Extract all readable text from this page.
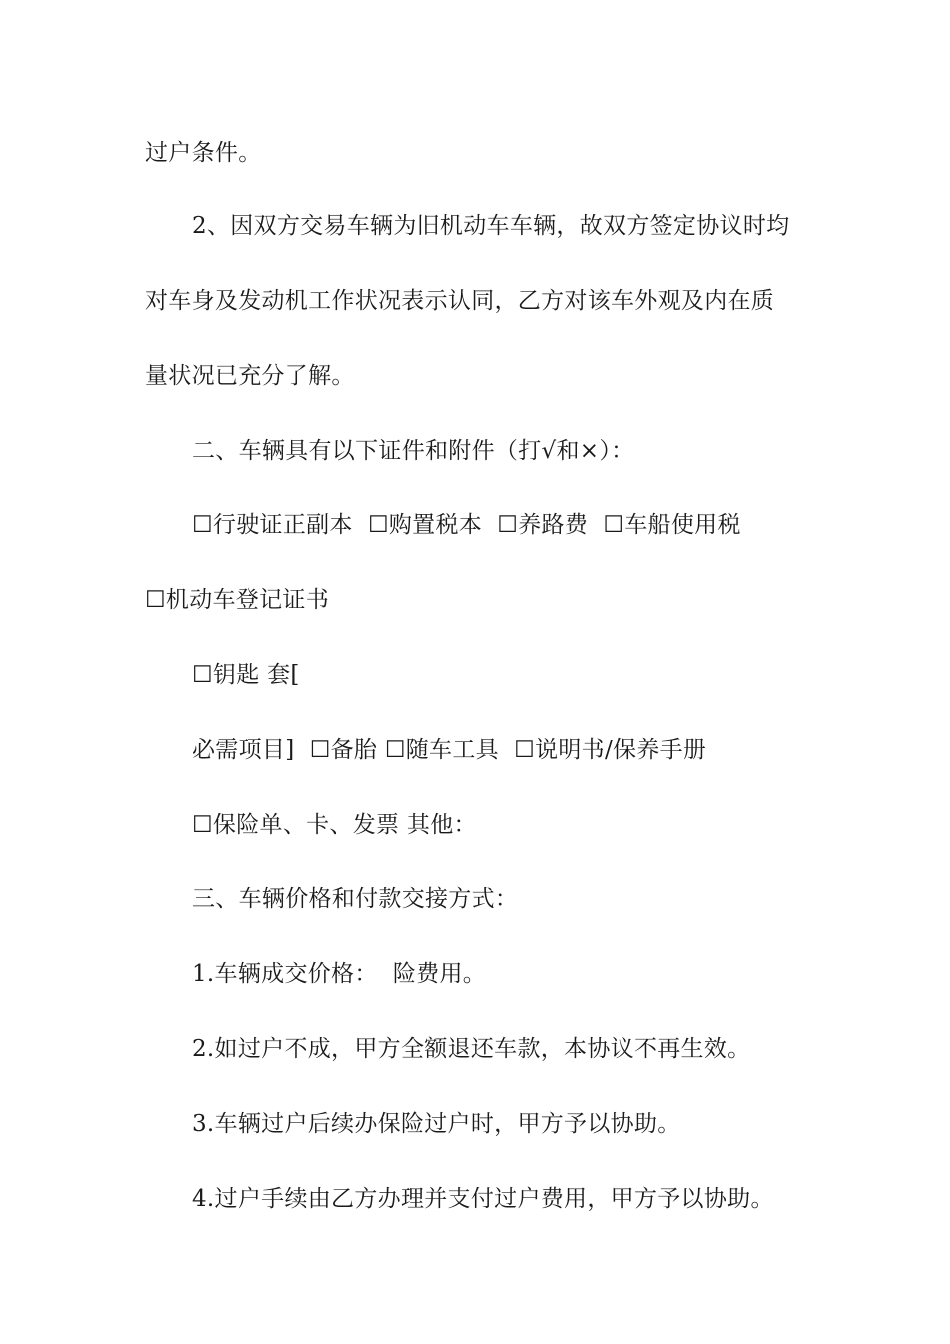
过户条件。
2、因双方交易车辆为旧机动车车辆，故双方签定协议时均
对车身及发动机工作状况表示认同，乙方对该车外观及内在质
量状况已充分了解。
二、车辆具有以下证件和附件（打√和×）：
☐行驶证正副本  ☐购置税本  ☐养路费  ☐车船使用税
☐机动车登记证书
☐钥匙 套[
必需项目]  ☐备胎 ☐随车工具  ☐说明书/保养手册
☐保险单、卡、发票 其他：
三、车辆价格和付款交接方式：
1.车辆成交价格：  险费用。
2.如过户不成，甲方全额退还车款，本协议不再生效。
3.车辆过户后续办保险过户时，甲方予以协助。
4.过户手续由乙方办理并支付过户费用，甲方予以协助。
